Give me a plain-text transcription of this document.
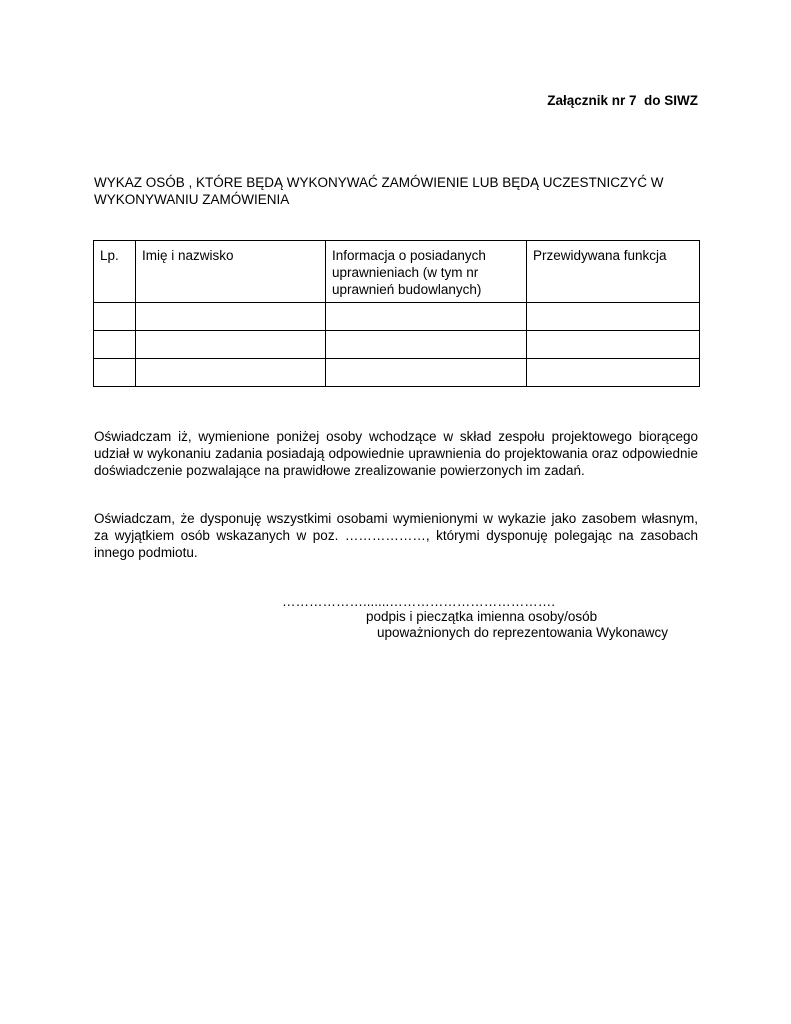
Załącznik nr 7  do SIWZ
WYKAZ OSÓB , KTÓRE BĘDĄ WYKONYWAĆ ZAMÓWIENIE LUB BĘDĄ UCZESTNICZYĆ W WYKONYWANIU ZAMÓWIENIA
Lp.	Imię i nazwisko	Informacja o posiadanych uprawnieniach (w tym nr uprawnień budowlanych)	Przewidywana funkcja

Oświadczam iż, wymienione poniżej osoby wchodzące w skład zespołu projektowego biorącego udział w wykonaniu zadania posiadają odpowiednie uprawnienia do projektowania oraz odpowiednie doświadczenie pozwalające na prawidłowe zrealizowanie powierzonych im zadań.

Oświadczam, że dysponuję wszystkimi osobami wymienionymi w wykazie jako zasobem własnym, za wyjątkiem osób wskazanych w poz. ………………, którymi dysponuję polegając na zasobach innego podmiotu.

……………….......……………………………….
podpis i pieczątka imienna osoby/osób
upoważnionych do reprezentowania Wykonawcy
